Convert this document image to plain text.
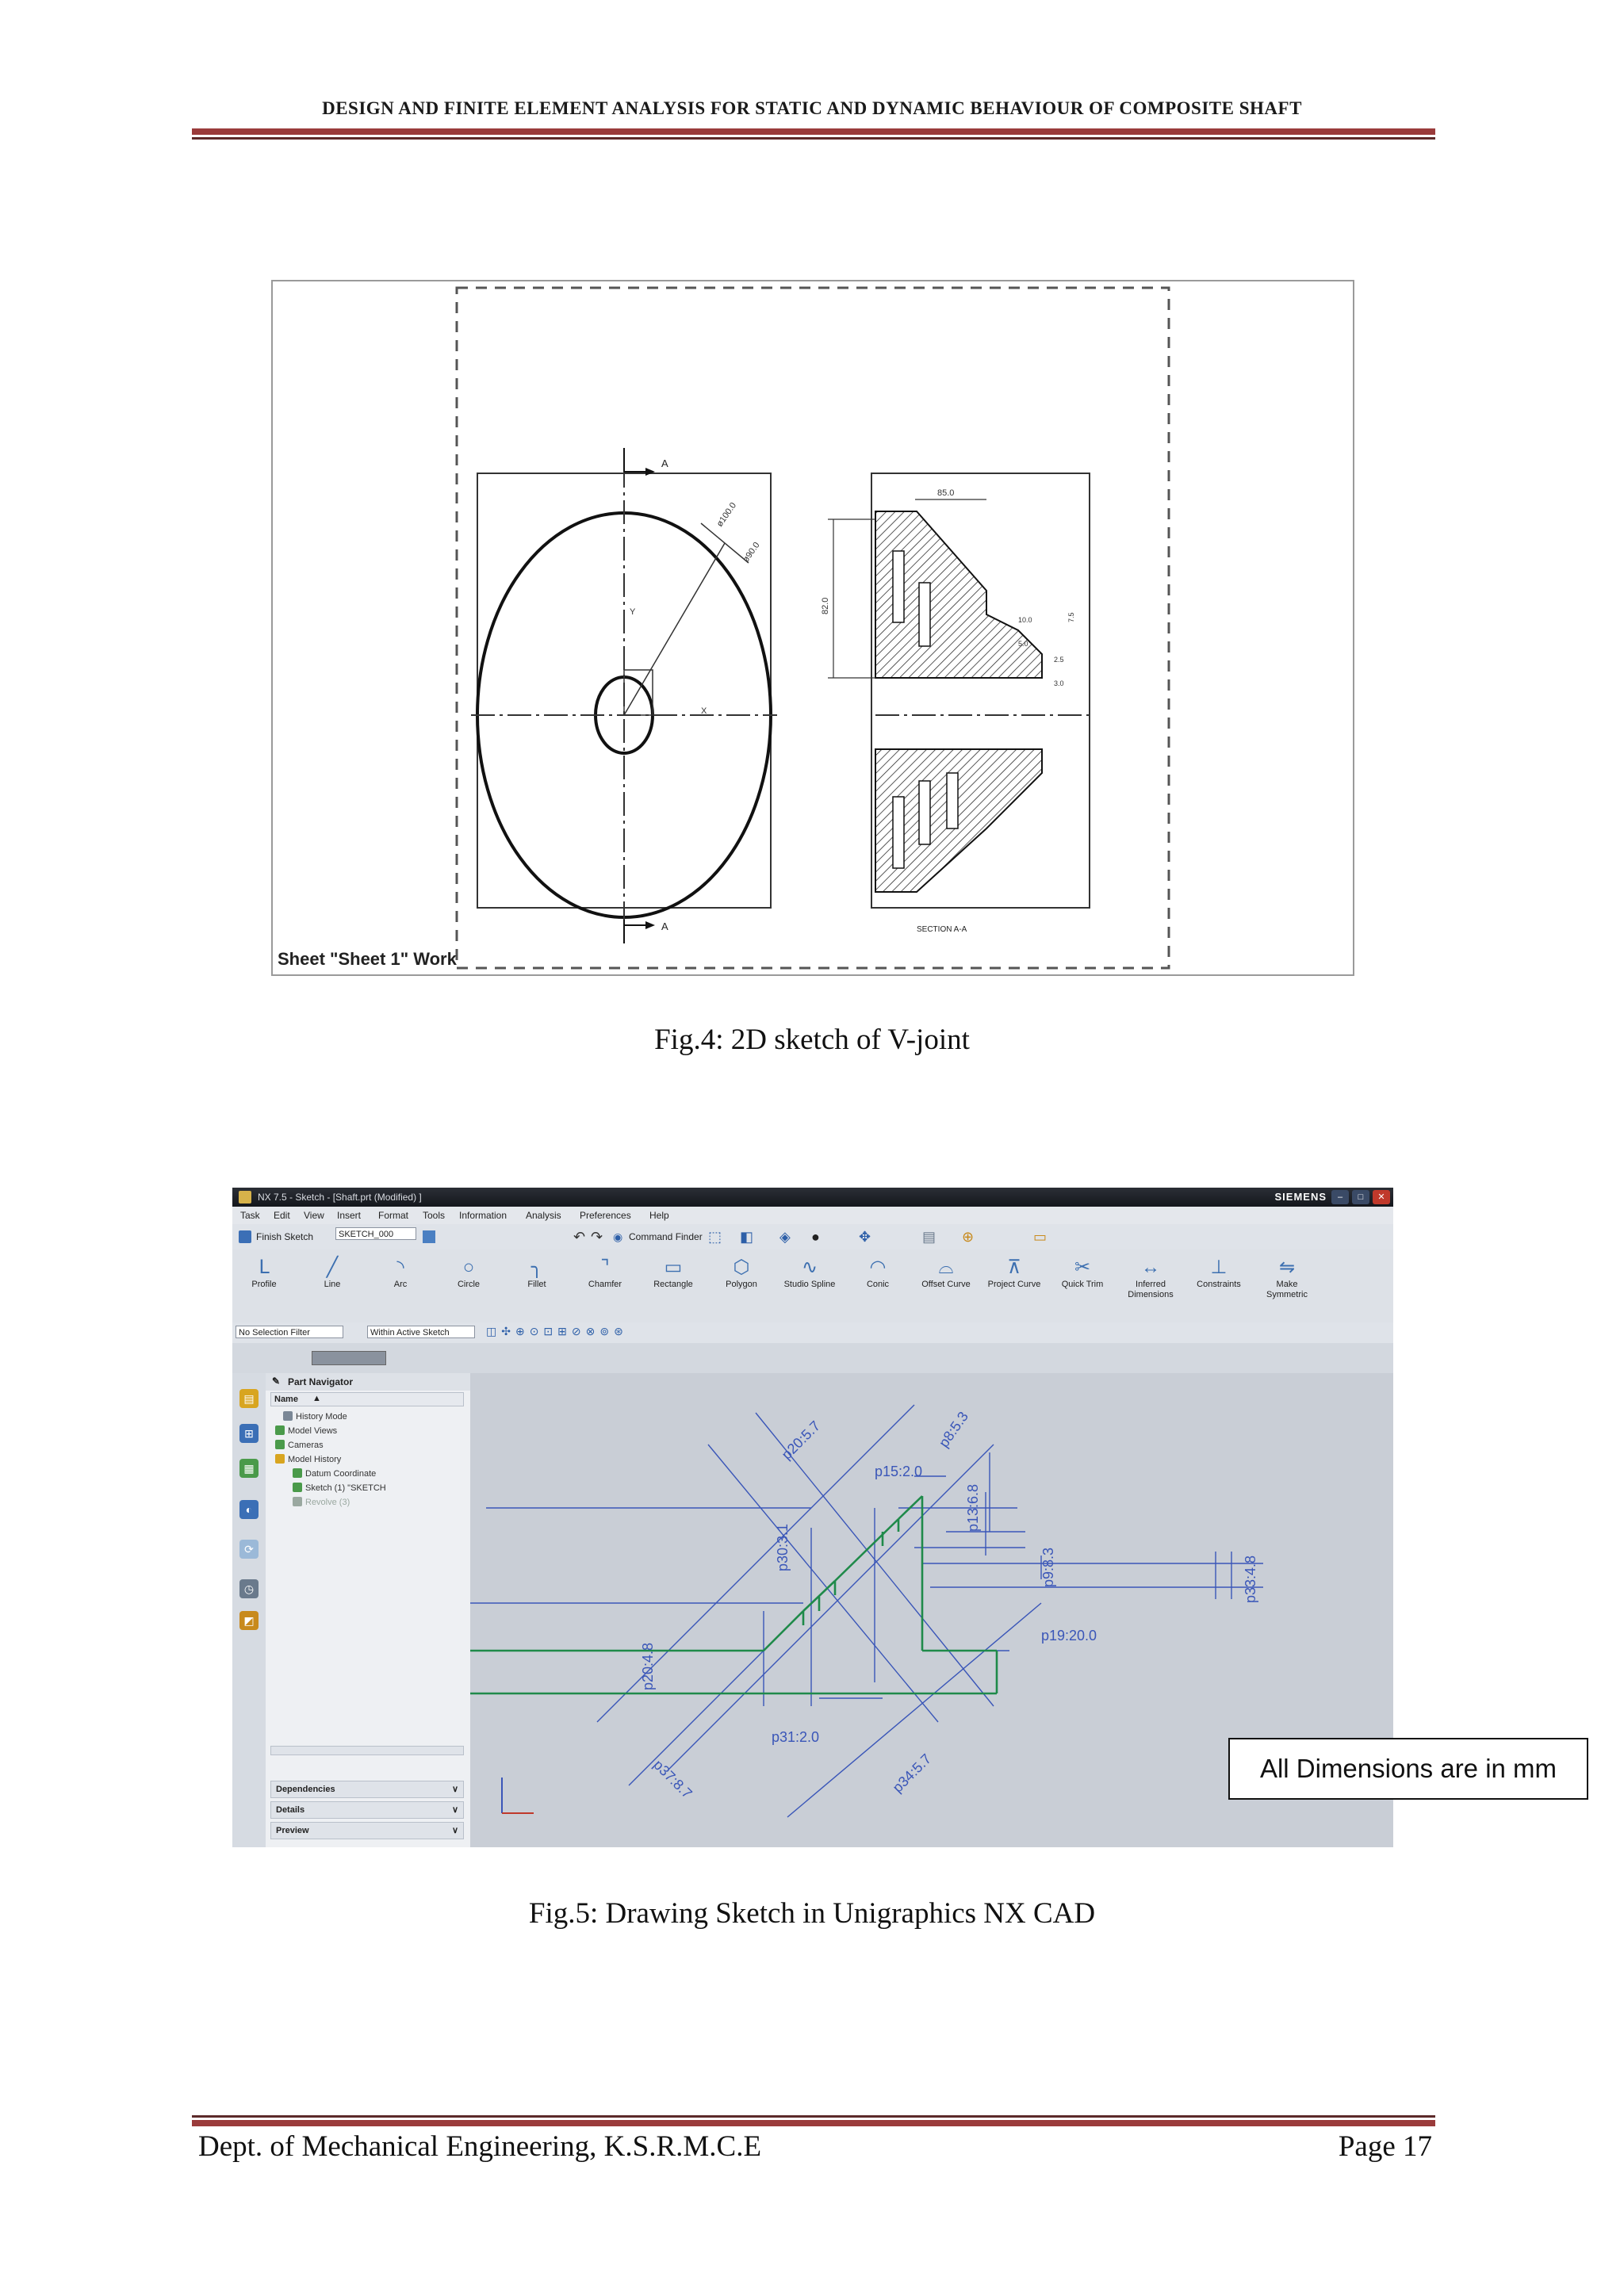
DESIGN AND FINITE ELEMENT ANALYSIS FOR STATIC AND DYNAMIC BEHAVIOUR OF COMPOSITE SHAFT
A
A
Y
X
ø100.0
ø90.0
82.0
85.0
10.0
5.0
2.5
3.0
7.5
SECTION A-A
Sheet "Sheet 1" Work
Fig.4: 2D sketch of V-joint
NX 7.5 - Sketch - [Shaft.prt (Modified) ]	SIEMENS	–	□	✕
Task Edit View Insert Format Tools Information Analysis Preferences Help
Finish Sketch	SKETCH_000	↶ ↷ ◉ Command Finder ⬚ ◧ ◈ ●	✥	▤ ⊕	▭
ᒪ
Profile
╱
Line
◝
Arc
○
Circle
╮
Fillet
⌝
Chamfer
▭
Rectangle
⬡
Polygon
∿
Studio Spline
◠
Conic
⌓
Offset Curve
⊼
Project Curve
✂
Quick Trim
↔
Inferred Dimensions
⊥
Constraints
⇋
Make Symmetric
No Selection Filter	Within Active Sketch	◫✣⊕⊙⊡⊞⊘⊗⊚⊛
▤
⊞
▦
◐
⟳
◷
◩
✎ Part Navigator
Name ▲
History Mode
Model Views
Cameras
Model History
Datum Coordinate
Sketch (1) "SKETCH
Revolve (3)
Dependencies	∨
Details	∨
Preview	∨
p15:2.0
p30:3.1
p20:5.7	p8:5.3
p13:6.8
p9:8.3	p33:4.8
p19:20.0
p20:4.8
p37:8.7
p31:2.0
p34:5.7	All Dimensions are in mm
Fig.5: Drawing Sketch in Unigraphics NX CAD
Dept. of Mechanical Engineering, K.S.R.M.C.E	Page 17
